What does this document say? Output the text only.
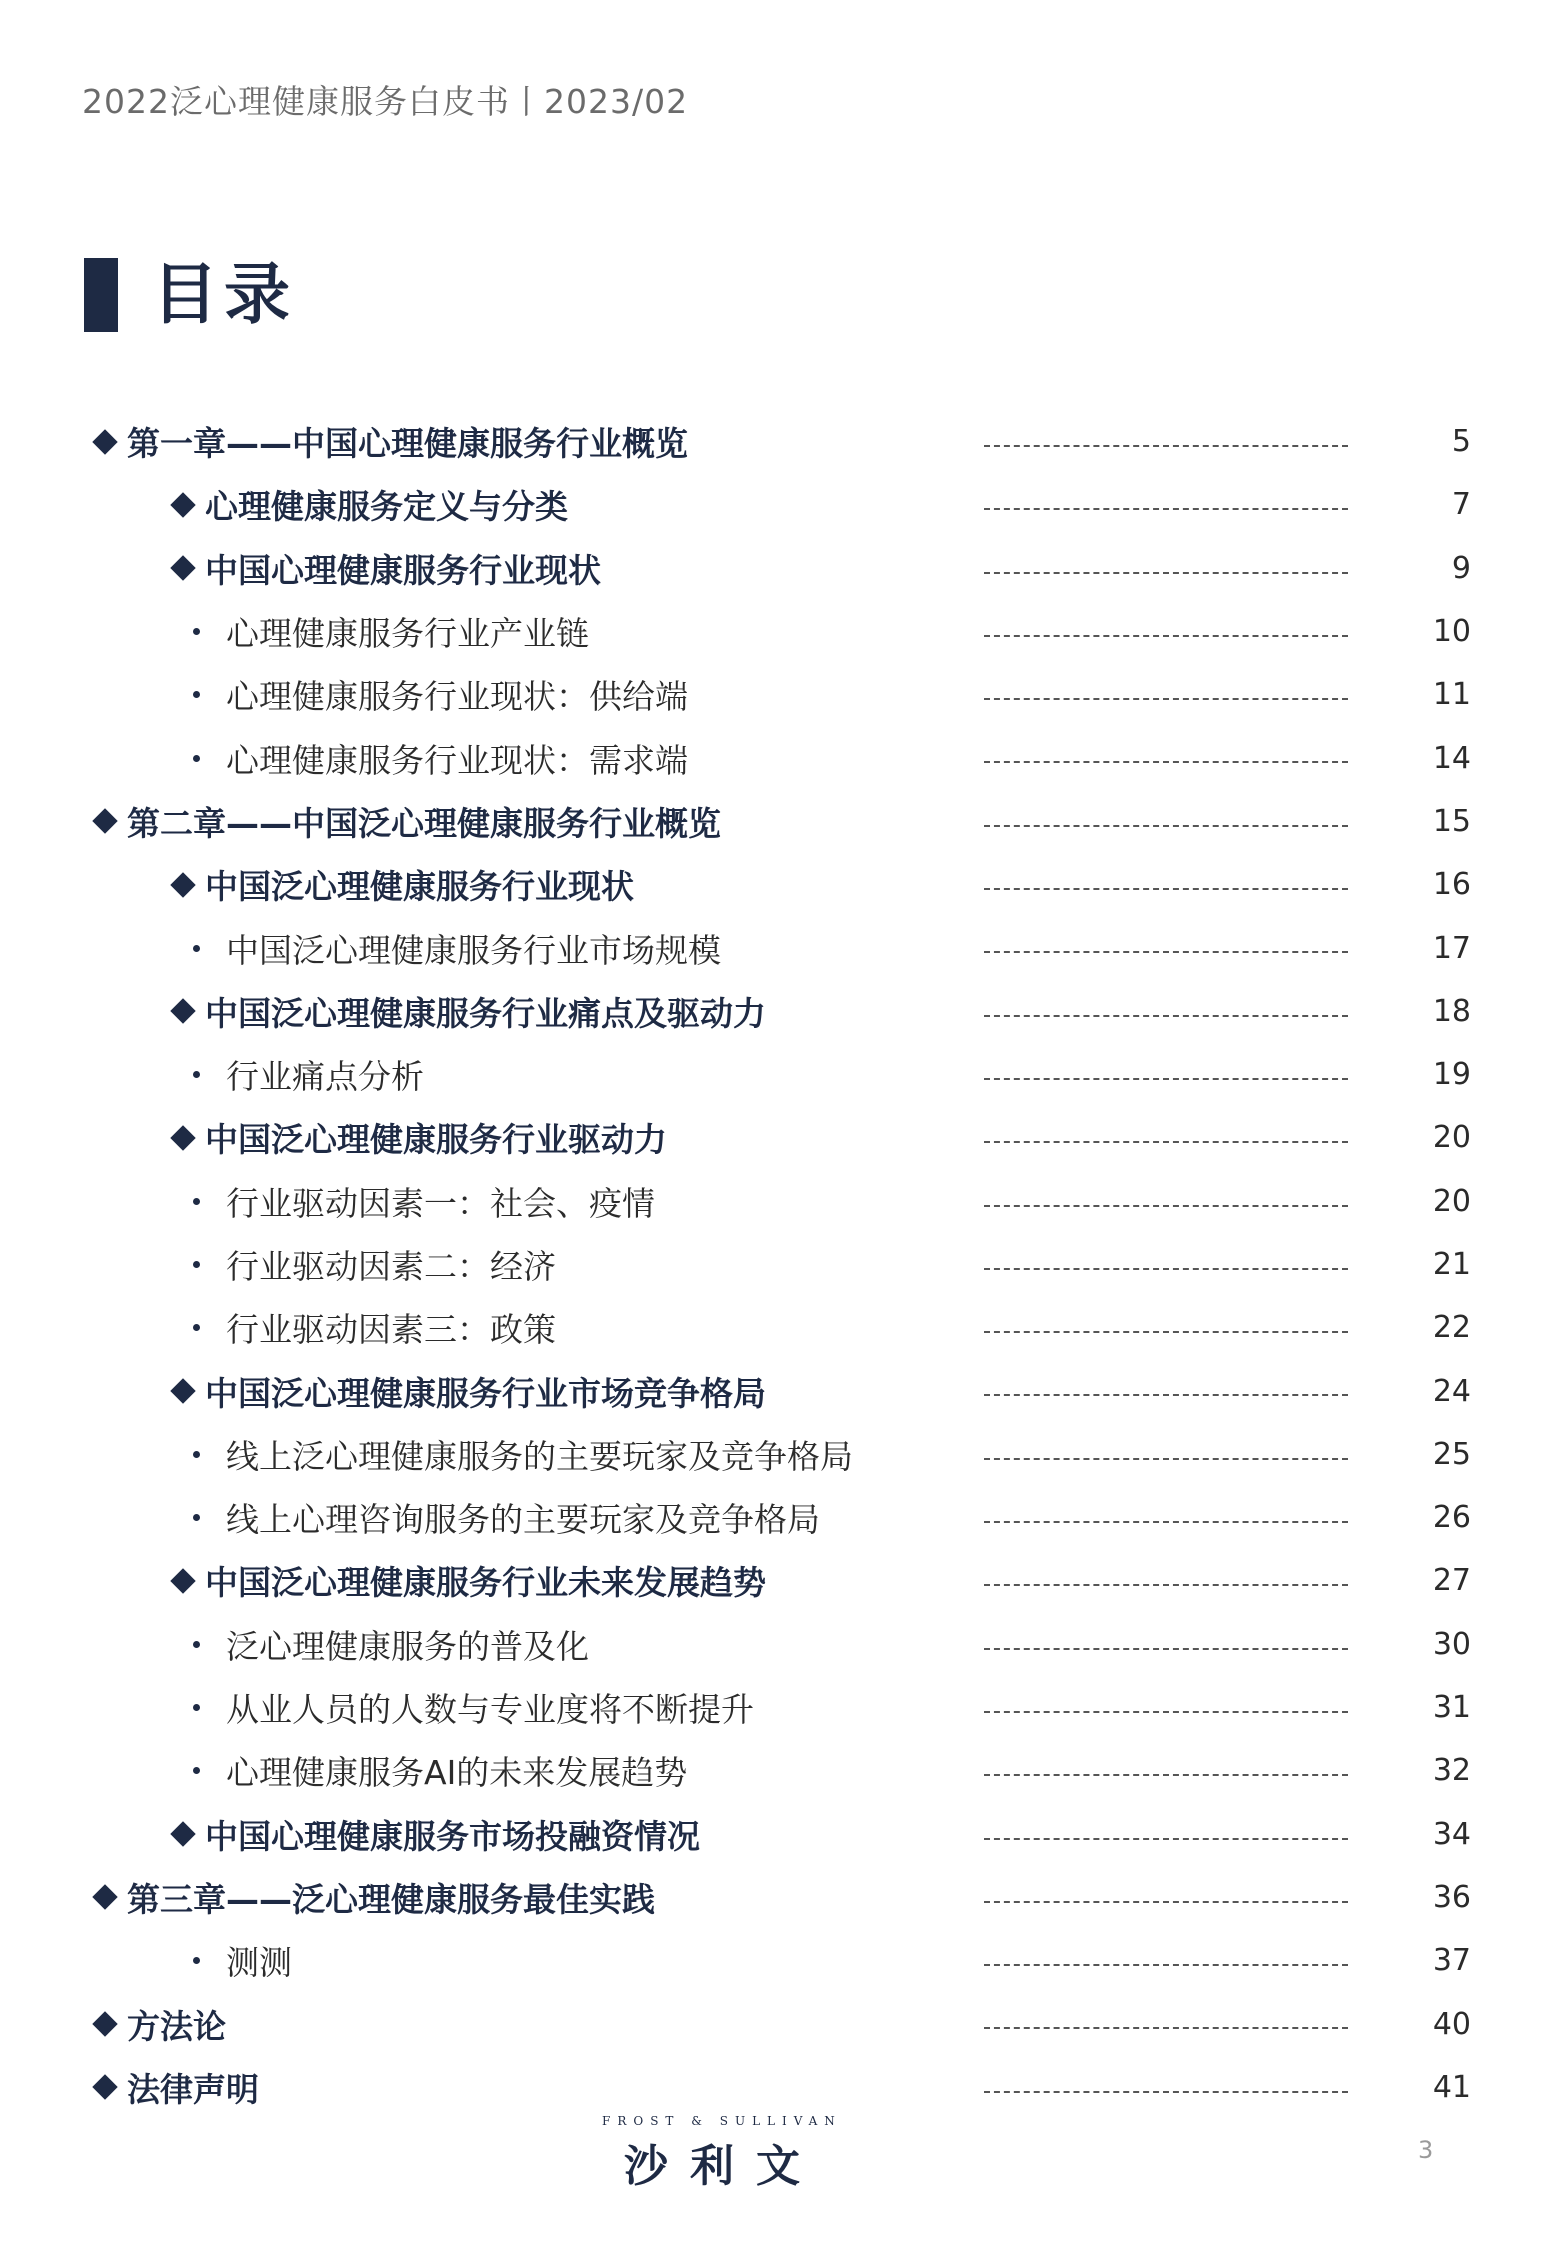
2022泛心理健康服务白皮书丨2023/02
目录
第一章——中国心理健康服务行业概览	5
心理健康服务定义与分类	7
中国心理健康服务行业现状	9
心理健康服务行业产业链	10
心理健康服务行业现状：供给端	11
心理健康服务行业现状：需求端	14
第二章——中国泛心理健康服务行业概览	15
中国泛心理健康服务行业现状	16
中国泛心理健康服务行业市场规模	17
中国泛心理健康服务行业痛点及驱动力	18
行业痛点分析	19
中国泛心理健康服务行业驱动力	20
行业驱动因素一：社会、疫情	20
行业驱动因素二：经济	21
行业驱动因素三：政策	22
中国泛心理健康服务行业市场竞争格局	24
线上泛心理健康服务的主要玩家及竞争格局	25
线上心理咨询服务的主要玩家及竞争格局	26
中国泛心理健康服务行业未来发展趋势	27
泛心理健康服务的普及化	30
从业人员的人数与专业度将不断提升	31
心理健康服务AI的未来发展趋势	32
中国心理健康服务市场投融资情况	34
第三章——泛心理健康服务最佳实践	36
测测	37
方法论	40
法律声明	41
FROST & SULLIVAN
沙利文	3
